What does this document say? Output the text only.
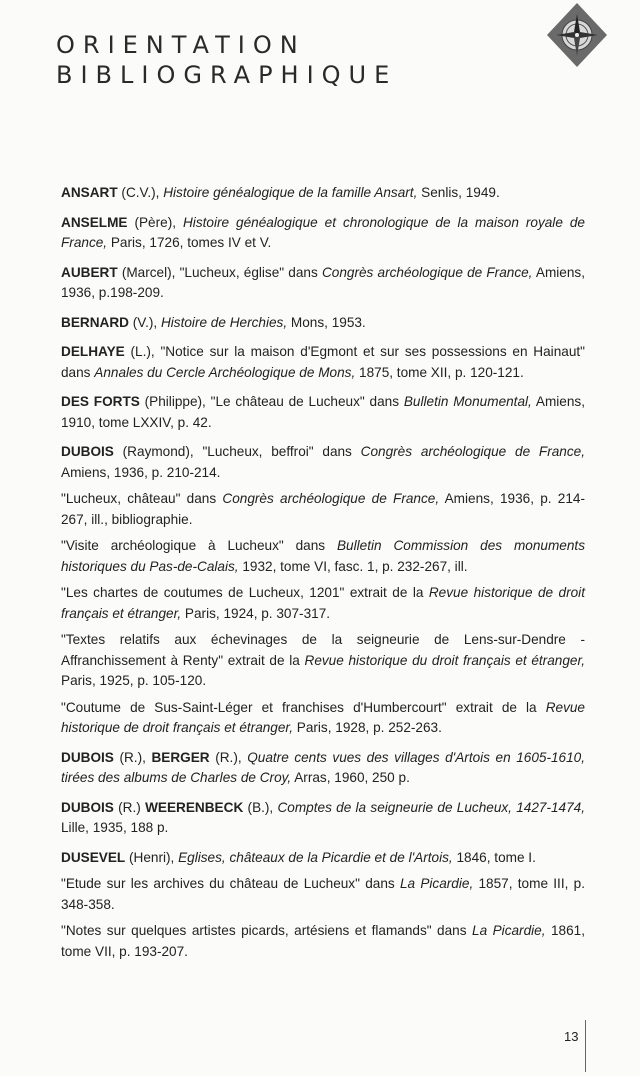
ORIENTATION
BIBLIOGRAPHIQUE
ANSART (C.V.), Histoire généalogique de la famille Ansart, Senlis, 1949.
ANSELME (Père), Histoire généalogique et chronologique de la maison royale de France, Paris, 1726, tomes IV et V.
AUBERT (Marcel), "Lucheux, église" dans Congrès archéologique de France, Amiens, 1936, p.198-209.
BERNARD (V.), Histoire de Herchies, Mons, 1953.
DELHAYE (L.), "Notice sur la maison d'Egmont et sur ses possessions en Hainaut" dans Annales du Cercle Archéologique de Mons, 1875, tome XII, p. 120-121.
DES FORTS (Philippe), "Le château de Lucheux" dans Bulletin Monumental, Amiens, 1910, tome LXXIV, p. 42.
DUBOIS (Raymond), "Lucheux, beffroi" dans Congrès archéologique de France, Amiens, 1936, p. 210-214.
"Lucheux, château" dans Congrès archéologique de France, Amiens, 1936, p. 214-267, ill., bibliographie.
"Visite archéologique à Lucheux" dans Bulletin Commission des monuments historiques du Pas-de-Calais, 1932, tome VI, fasc. 1, p. 232-267, ill.
"Les chartes de coutumes de Lucheux, 1201" extrait de la Revue historique de droit français et étranger, Paris, 1924, p. 307-317.
"Textes relatifs aux échevinages de la seigneurie de Lens-sur-Dendre - Affranchissement à Renty" extrait de la Revue historique du droit français et étranger, Paris, 1925, p. 105-120.
"Coutume de Sus-Saint-Léger et franchises d'Humbercourt" extrait de la Revue historique de droit français et étranger, Paris, 1928, p. 252-263.
DUBOIS (R.), BERGER (R.), Quatre cents vues des villages d'Artois en 1605-1610, tirées des albums de Charles de Croy, Arras, 1960, 250 p.
DUBOIS (R.) WEERENBECK (B.), Comptes de la seigneurie de Lucheux, 1427-1474, Lille, 1935, 188 p.
DUSEVEL (Henri), Eglises, châteaux de la Picardie et de l'Artois, 1846, tome I.
"Etude sur les archives du château de Lucheux" dans La Picardie, 1857, tome III, p. 348-358.
"Notes sur quelques artistes picards, artésiens et flamands" dans La Picardie, 1861, tome VII, p. 193-207.
13
